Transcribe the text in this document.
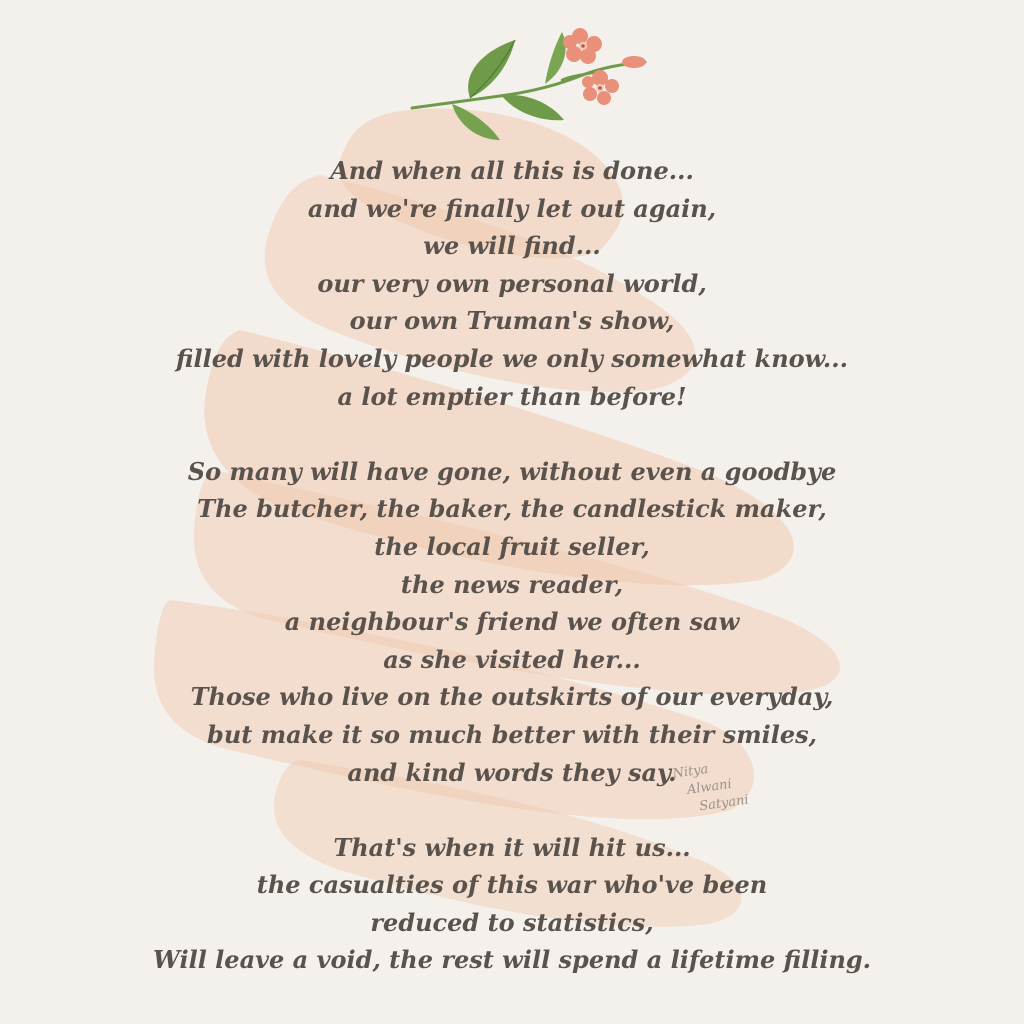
And when all this is done...
and we're finally let out again,
we will find...
our very own personal world,
our own Truman's show,
filled with lovely people we only somewhat know...
a lot emptier than before!
So many will have gone, without even a goodbye
The butcher, the baker, the candlestick maker,
the local fruit seller,
the news reader,
a neighbour's friend we often saw
as she visited her...
Those who live on the outskirts of our everyday,
but make it so much better with their smiles,
and kind words they say.
That's when it will hit us...
the casualties of this war who've been
reduced to statistics,
Will leave a void, the rest will spend a lifetime filling.
Nitya
Alwani
Satyani
